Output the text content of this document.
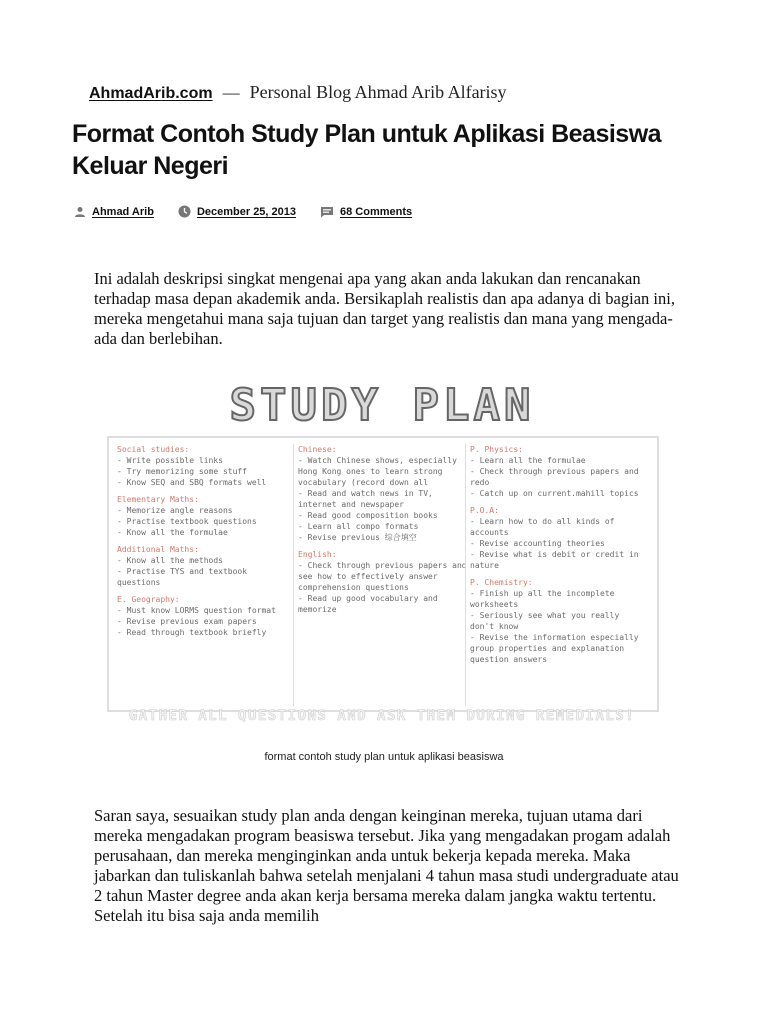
AhmadArib.com — Personal Blog Ahmad Arib Alfarisy
Format Contoh Study Plan untuk Aplikasi Beasiswa Keluar Negeri
Ahmad Arib	December 25, 2013	68 Comments

Ini adalah deskripsi singkat mengenai apa yang akan anda lakukan dan rencanakan terhadap masa depan akademik anda. Bersikaplah realistis dan apa adanya di bagian ini, mereka mengetahui mana saja tujuan dan target yang realistis dan mana yang mengada-ada dan berlebihan.

STUDY PLAN
Social studies:
- Write possible links
- Try memorizing some stuff
- Know SEQ and SBQ formats well
Elementary Maths:
- Memorize angle reasons
- Practise textbook questions
- Know all the formulae
Additional Maths:
- Know all the methods
- Practise TYS and textbook questions
E. Geography:
- Must know LORMS question format
- Revise previous exam papers
- Read through textbook briefly
Chinese:
- Watch Chinese shows, especially Hong Kong ones to learn strong vocabulary (record down all
- Read and watch news in TV, internet and newspaper
- Read good composition books
- Learn all compo formats
- Revise previous 综合填空
English:
- Check through previous papers and see how to effectively answer comprehension questions
- Read up good vocabulary and memorize
P. Physics:
- Learn all the formulae
- Check through previous papers and redo
- Catch up on current.mahill topics
P.O.A:
- Learn how to do all kinds of accounts
- Revise accounting theories
- Revise what is debit or credit in nature
P. Chemistry:
- Finish up all the incomplete worksheets
- Seriously see what you really don't know
- Revise the information especially group properties and explanation question answers
GATHER ALL QUESTIONS AND ASK THEM DURING REMEDIALS!
format contoh study plan untuk aplikasi beasiswa

Saran saya, sesuaikan study plan anda dengan keinginan mereka, tujuan utama dari mereka mengadakan program beasiswa tersebut. Jika yang mengadakan progam adalah perusahaan, dan mereka menginginkan anda untuk bekerja kepada mereka. Maka jabarkan dan tuliskanlah bahwa setelah menjalani 4 tahun masa studi undergraduate atau 2 tahun Master degree anda akan kerja bersama mereka dalam jangka waktu tertentu. Setelah itu bisa saja anda memilih
